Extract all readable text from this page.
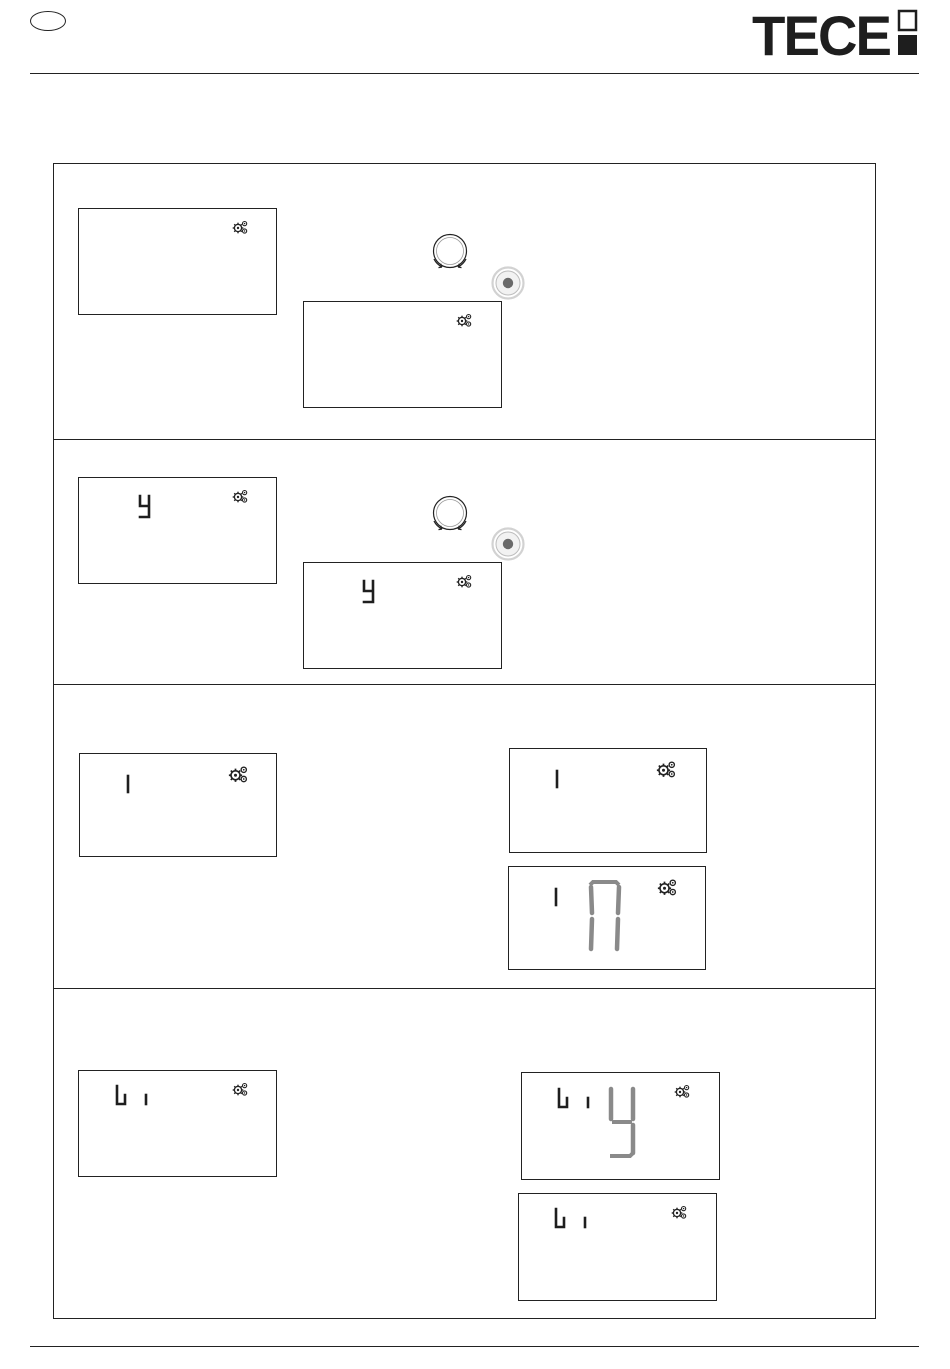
TECE
